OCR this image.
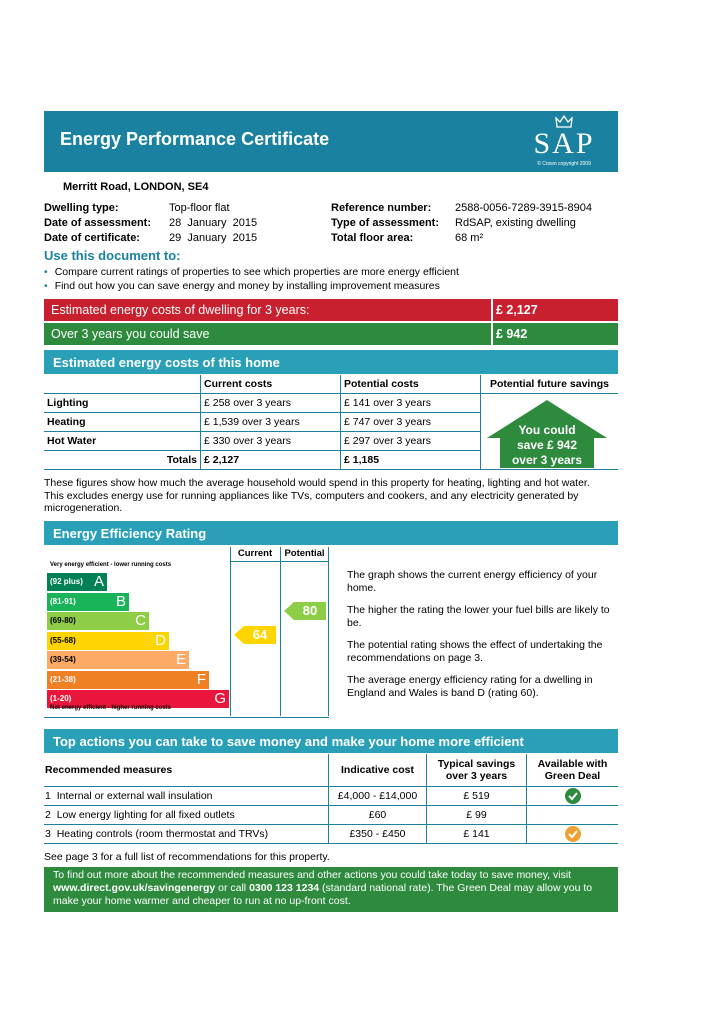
Energy Performance Certificate	SAP
© Crown copyright 2009
Merritt Road, LONDON, SE4
Dwelling type:	Top-floor flat
Date of assessment: 28  January  2015
Date of certificate:	29  January  2015
Reference number: 2588-0056-7289-3915-8904
Type of assessment: RdSAP, existing dwelling
Total floor area:	68 m²
Use this document to:
• Compare current ratings of properties to see which properties are more energy efficient
• Find out how you can save energy and money by installing improvement measures
Estimated energy costs of dwelling for 3 years:	£ 2,127
Over 3 years you could save	£ 942
Estimated energy costs of this home
	Current costs	Potential costs	Potential future savings
Lighting	£ 258 over 3 years	£ 141 over 3 years	
Heating	£ 1,539 over 3 years	£ 747 over 3 years	
Hot Water	£ 330 over 3 years	£ 297 over 3 years	
Totals	£ 2,127	£ 1,185	
You could
save £ 942
over 3 years
These figures show how much the average household would spend in this property for heating, lighting and hot water. This excludes energy use for running appliances like TVs, computers and cookers, and any electricity generated by microgeneration.
Energy Efficiency Rating
Current	Potential
Very energy efficient - lower running costs
(92 plus) A
(81-91)	B
(69-80)	C
(55-68)	D
(39-54)	E
(21-38)	F
(1-20)	G
Not energy efficient - higher running costs
64
80
The graph shows the current energy efficiency of your home.
The higher the rating the lower your fuel bills are likely to be.
The potential rating shows the effect of undertaking the recommendations on page 3.
The average energy efficiency rating for a dwelling in England and Wales is band D (rating 60).
Top actions you can take to save money and make your home more efficient
Recommended measures	Indicative cost	Typical savings over 3 years	Available with Green Deal
1 Internal or external wall insulation	£4,000 - £14,000	£ 519	
2 Low energy lighting for all fixed outlets	£60	£ 99	
3 Heating controls (room thermostat and TRVs)	£350 - £450	£ 141	
See page 3 for a full list of recommendations for this property.
To find out more about the recommended measures and other actions you could take today to save money, visit
www.direct.gov.uk/savingenergy or call 0300 123 1234 (standard national rate). The Green Deal may allow you to
make your home warmer and cheaper to run at no up-front cost.
